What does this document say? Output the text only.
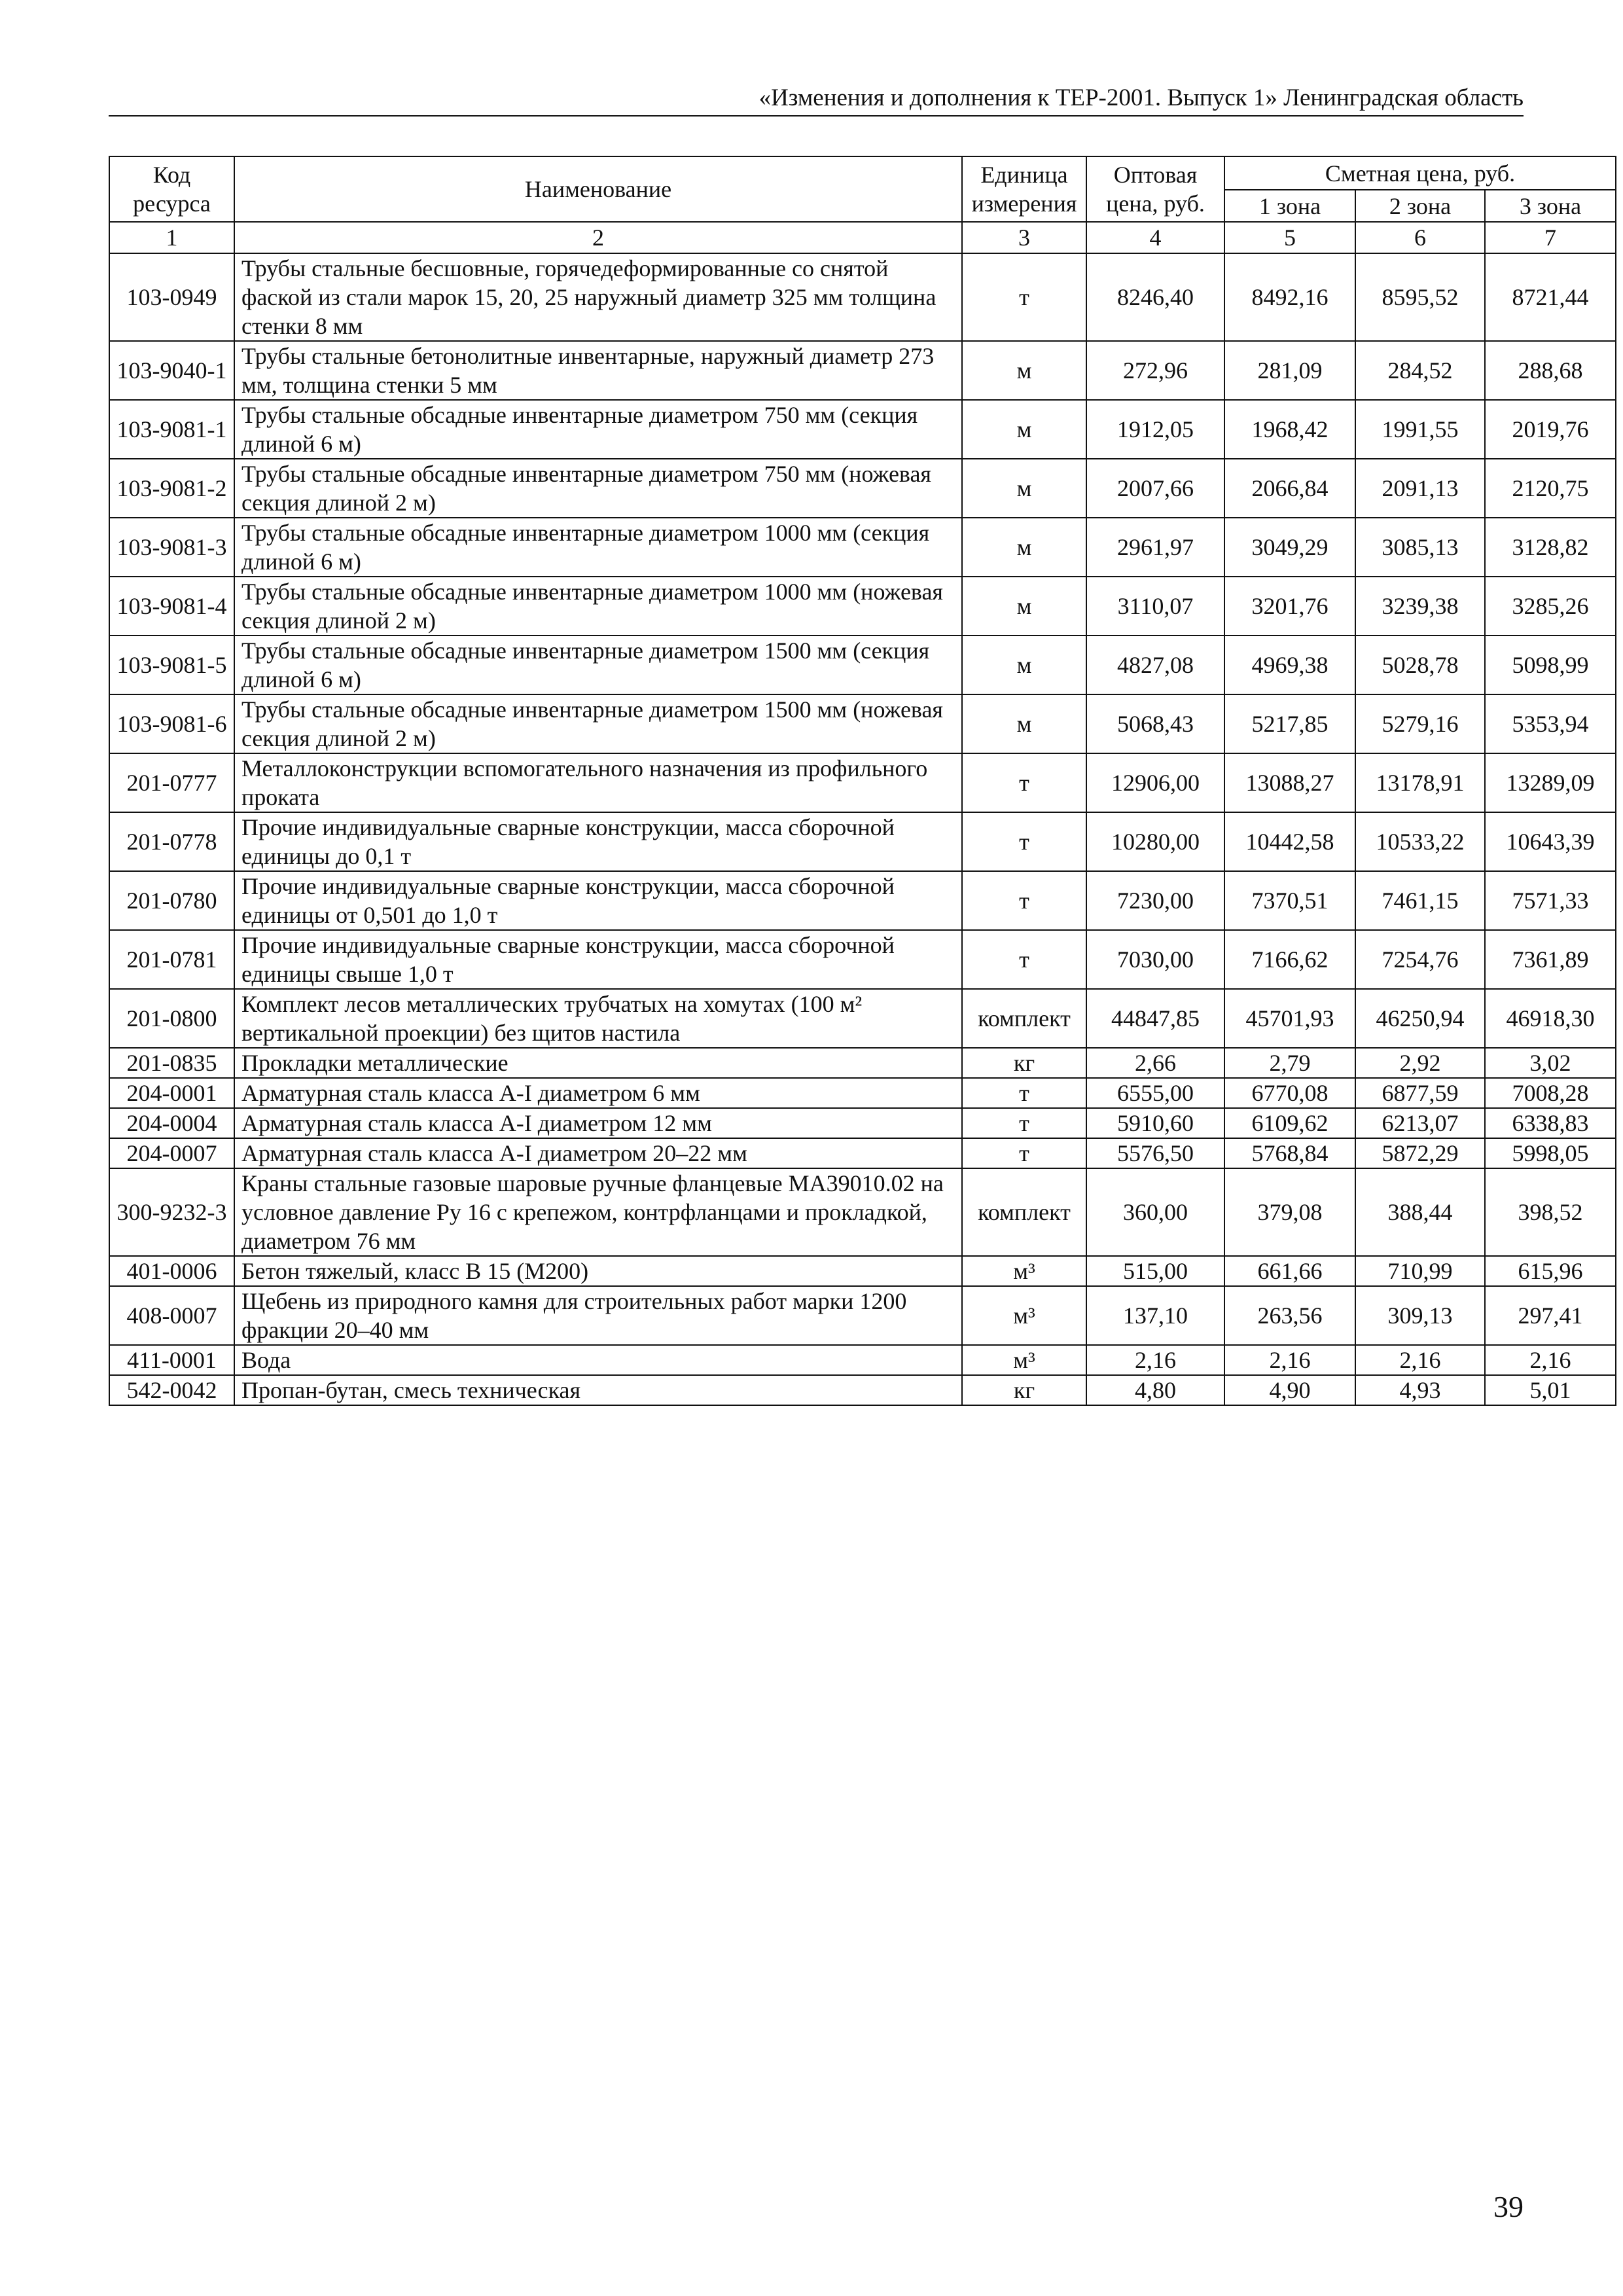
«Изменения и дополнения к ТЕР-2001. Выпуск 1» Ленинградская область
Код ресурса	Наименование	Единица измерения	Оптовая цена, руб.	Сметная цена, руб.		
				1 зона	2 зона	3 зона
1	2	3	4	5	6	7
103-0949	Трубы стальные бесшовные, горячедеформированные со снятой фаской из стали марок 15, 20, 25 наружный диаметр 325 мм толщина стенки 8 мм	т	8246,40	8492,16	8595,52	8721,44
103-9040-1	Трубы стальные бетонолитные инвентарные, наружный диаметр 273 мм, толщина стенки 5 мм	м	272,96	281,09	284,52	288,68
103-9081-1	Трубы стальные обсадные инвентарные диаметром 750 мм (секция длиной 6 м)	м	1912,05	1968,42	1991,55	2019,76
103-9081-2	Трубы стальные обсадные инвентарные диаметром 750 мм (ножевая секция длиной 2 м)	м	2007,66	2066,84	2091,13	2120,75
103-9081-3	Трубы стальные обсадные инвентарные диаметром 1000 мм (секция длиной 6 м)	м	2961,97	3049,29	3085,13	3128,82
103-9081-4	Трубы стальные обсадные инвентарные диаметром 1000 мм (ножевая секция длиной 2 м)	м	3110,07	3201,76	3239,38	3285,26
103-9081-5	Трубы стальные обсадные инвентарные диаметром 1500 мм (секция длиной 6 м)	м	4827,08	4969,38	5028,78	5098,99
103-9081-6	Трубы стальные обсадные инвентарные диаметром 1500 мм (ножевая секция длиной 2 м)	м	5068,43	5217,85	5279,16	5353,94
201-0777	Металлоконструкции вспомогательного назначения из профильного проката	т	12906,00	13088,27	13178,91	13289,09
201-0778	Прочие индивидуальные сварные конструкции, масса сборочной единицы до 0,1 т	т	10280,00	10442,58	10533,22	10643,39
201-0780	Прочие индивидуальные сварные конструкции, масса сборочной единицы от 0,501 до 1,0 т	т	7230,00	7370,51	7461,15	7571,33
201-0781	Прочие индивидуальные сварные конструкции, масса сборочной единицы свыше 1,0 т	т	7030,00	7166,62	7254,76	7361,89
201-0800	Комплект лесов металлических трубчатых на хомутах (100 м² вертикальной проекции) без щитов настила	комплект	44847,85	45701,93	46250,94	46918,30
201-0835	Прокладки металлические	кг	2,66	2,79	2,92	3,02
204-0001	Арматурная сталь класса А-I диаметром 6 мм	т	6555,00	6770,08	6877,59	7008,28
204-0004	Арматурная сталь класса А-I диаметром 12 мм	т	5910,60	6109,62	6213,07	6338,83
204-0007	Арматурная сталь класса А-I диаметром 20–22 мм	т	5576,50	5768,84	5872,29	5998,05
300-9232-3	Краны стальные газовые шаровые ручные фланцевые МА39010.02 на условное давление Ру 16 с крепежом, контрфланцами и прокладкой, диаметром 76 мм	комплект	360,00	379,08	388,44	398,52
401-0006	Бетон тяжелый, класс В 15 (М200)	м³	515,00	661,66	710,99	615,96
408-0007	Щебень из природного камня для строительных работ марки 1200 фракции 20–40 мм	м³	137,10	263,56	309,13	297,41
411-0001	Вода	м³	2,16	2,16	2,16	2,16
542-0042	Пропан-бутан, смесь техническая	кг	4,80	4,90	4,93	5,01
39
